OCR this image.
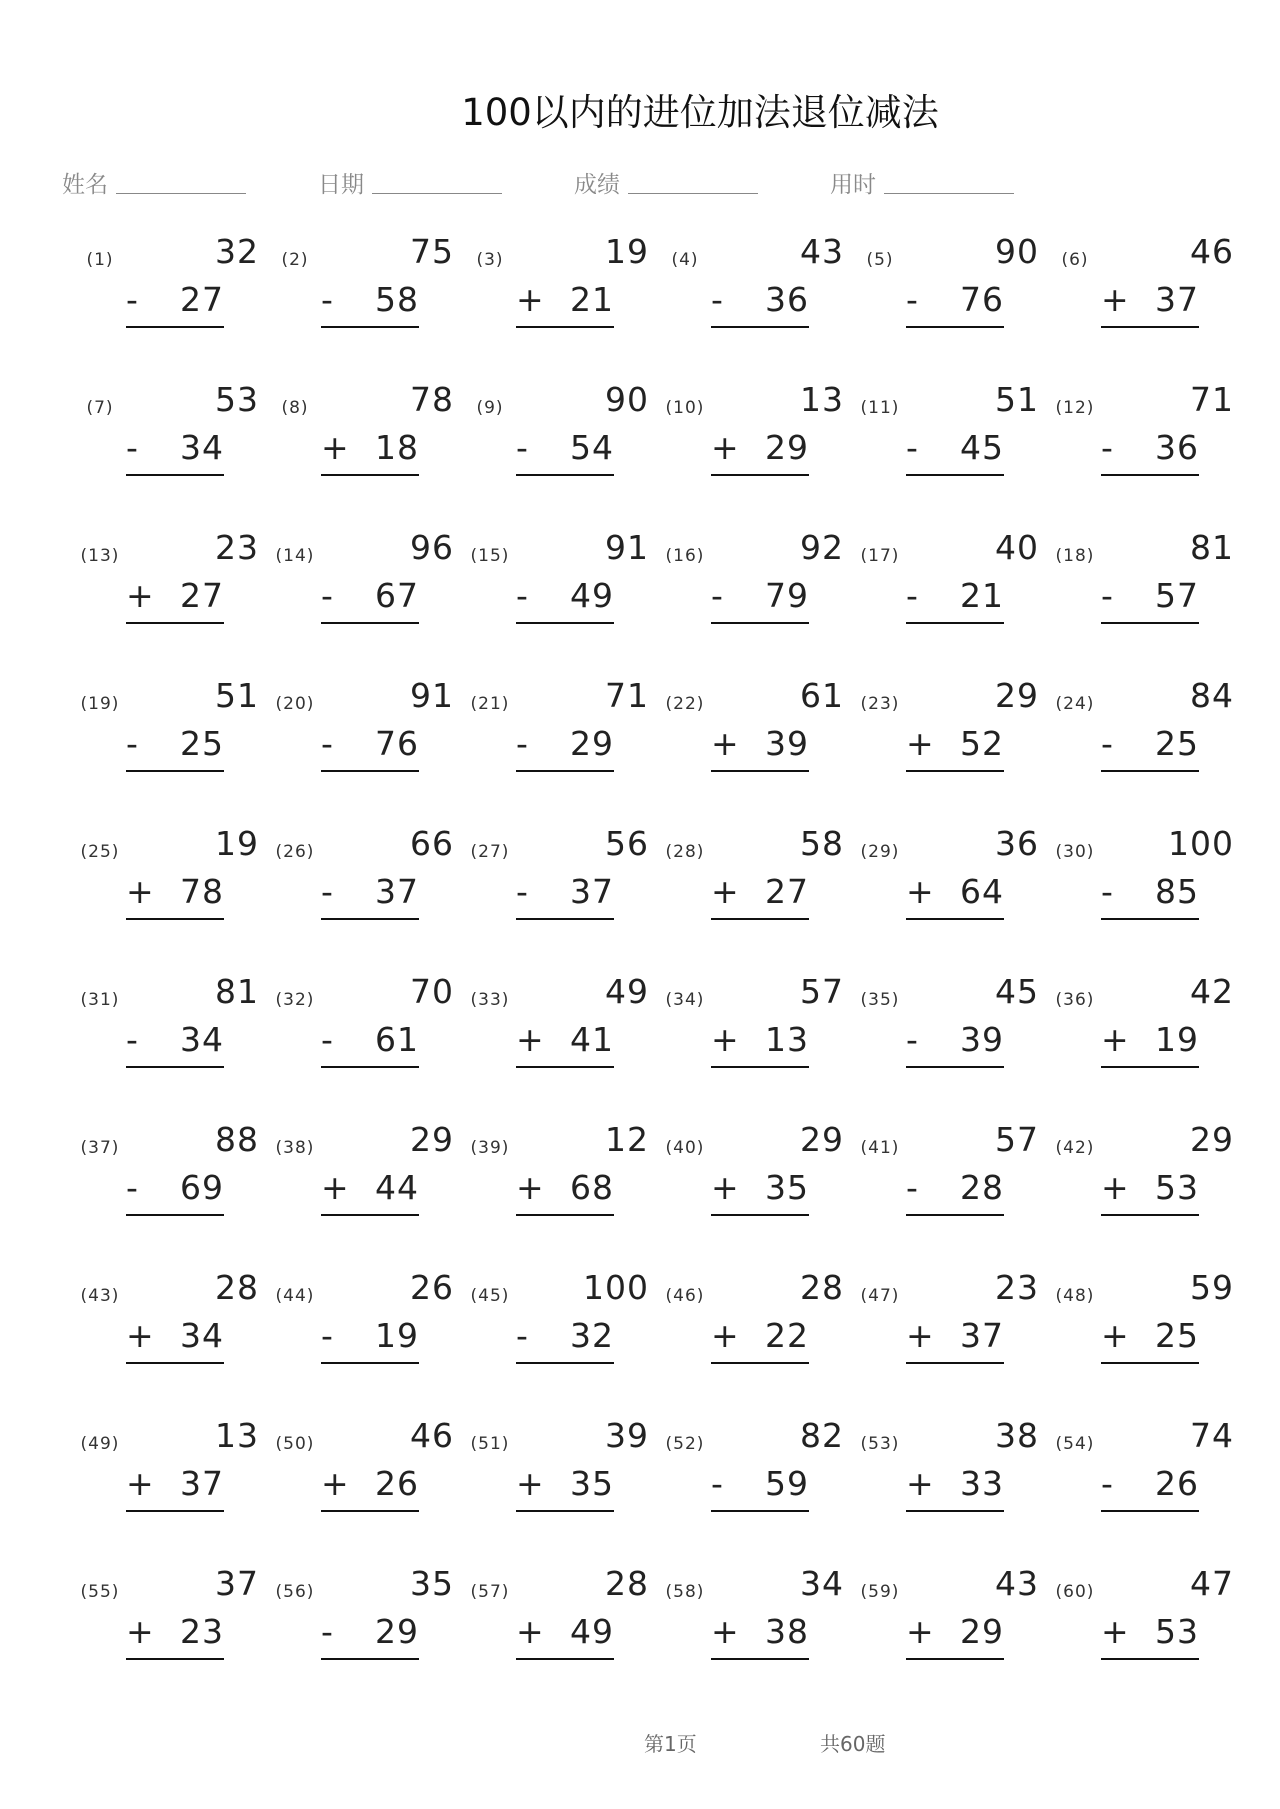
100以内的进位加法退位减法
姓名	日期	成绩	用时
(1)	32
- 27
(2)	75
- 58
(3)	19
+ 21
(4)	43
- 36
(5)	90
- 76
(6)	46
+ 37
(7)	53
- 34
(8)	78
+ 18
(9)	90
- 54
(10)	13
+ 29
(11)	51
- 45
(12)	71
- 36
(13)	23
+ 27
(14)	96
- 67
(15)	91
- 49
(16)	92
- 79
(17)	40
- 21
(18)	81
- 57
(19)	51
- 25
(20)	91
- 76
(21)	71
- 29
(22)	61
+ 39
(23)	29
+ 52
(24)	84
- 25
(25)	19
+ 78
(26)	66
- 37
(27)	56
- 37
(28)	58
+ 27
(29)	36
+ 64
(30) 100
- 85
(31)	81
- 34
(32)	70
- 61
(33)	49
+ 41
(34)	57
+ 13
(35)	45
- 39
(36)	42
+ 19
(37)	88
- 69
(38)	29
+ 44
(39)	12
+ 68
(40)	29
+ 35
(41)	57
- 28
(42)	29
+ 53
(43)	28
+ 34
(44)	26
- 19
(45) 100
- 32
(46)	28
+ 22
(47)	23
+ 37
(48)	59
+ 25
(49)	13
+ 37
(50)	46
+ 26
(51)	39
+ 35
(52)	82
- 59
(53)	38
+ 33
(54)	74
- 26
(55)	37
+ 23
(56)	35
- 29
(57)	28
+ 49
(58)	34
+ 38
(59)	43
+ 29
(60)	47
+ 53
第1页	共60题
